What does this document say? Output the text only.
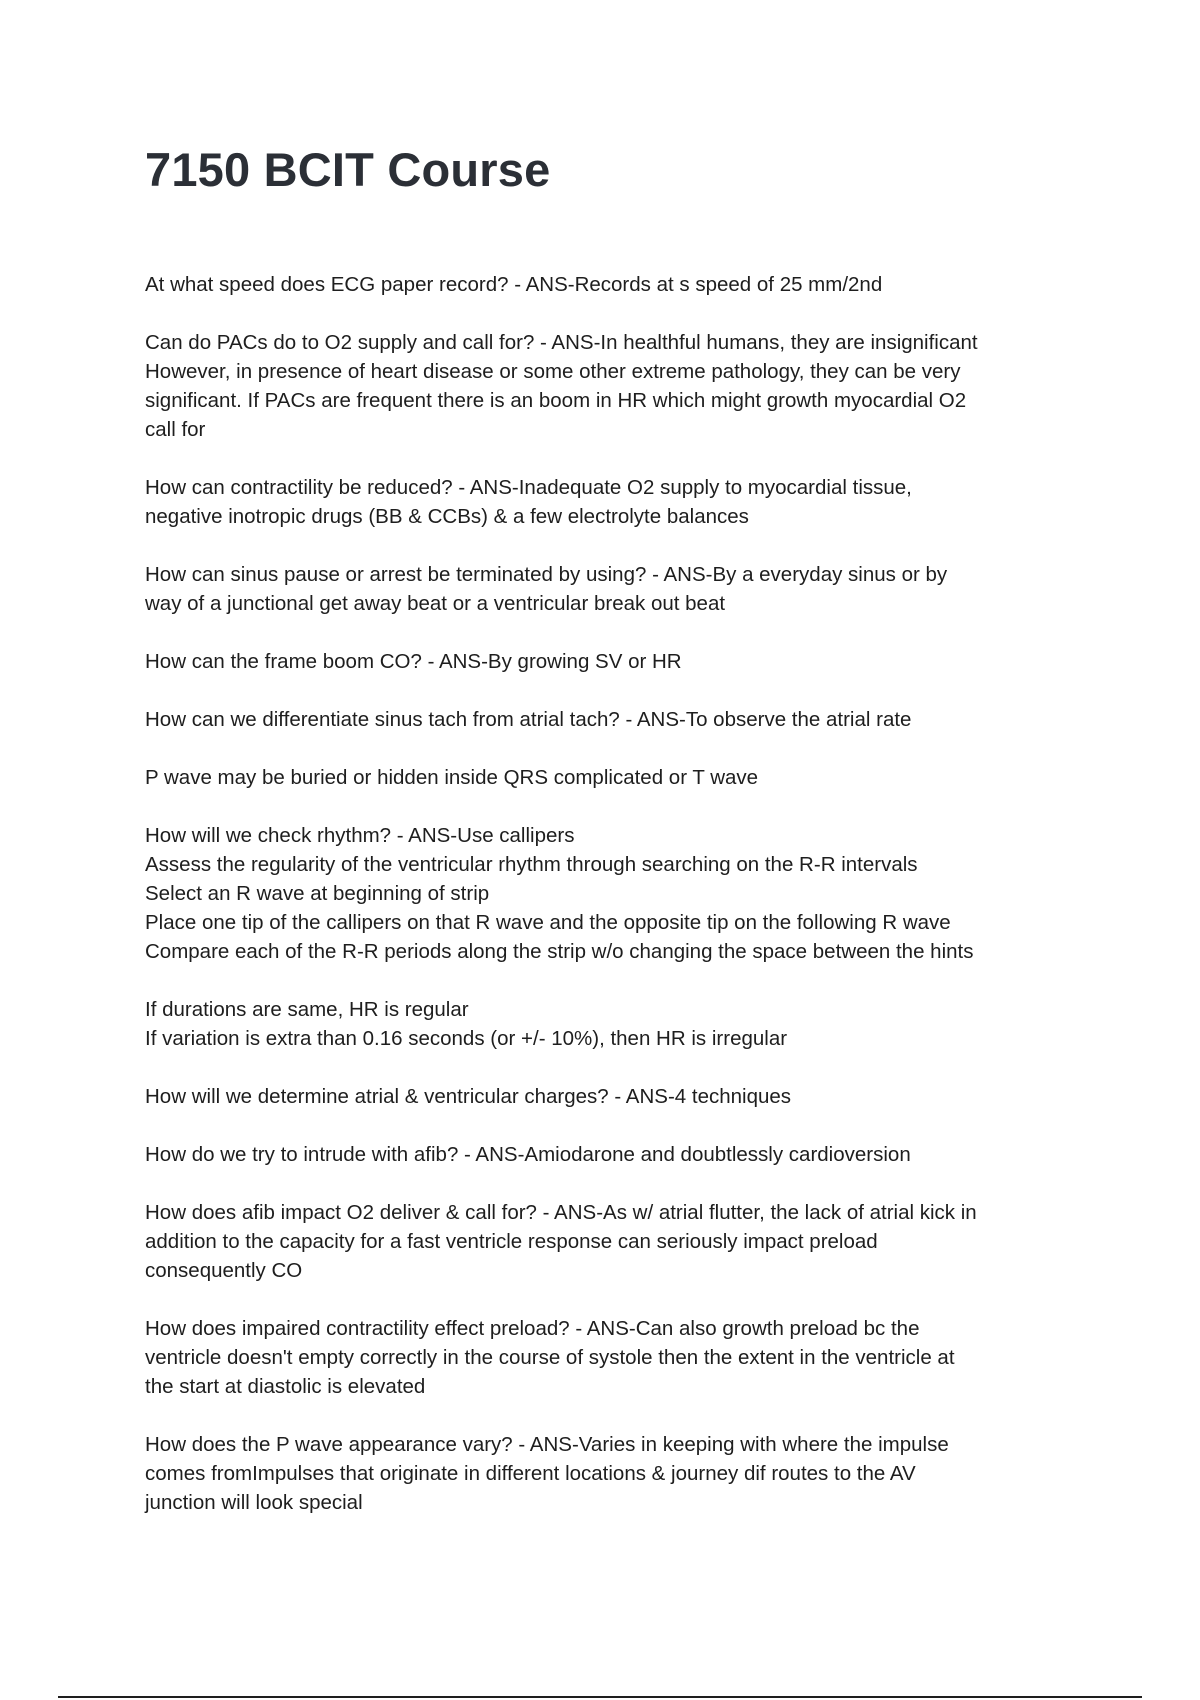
7150 BCIT Course

At what speed does ECG paper record? - ANS-Records at s speed of 25 mm/2nd

Can do PACs do to O2 supply and call for? - ANS-In healthful humans, they are insignificant
However, in presence of heart disease or some other extreme pathology, they can be very
significant. If PACs are frequent there is an boom in HR which might growth myocardial O2
call for

How can contractility be reduced? - ANS-Inadequate O2 supply to myocardial tissue,
negative inotropic drugs (BB & CCBs) & a few electrolyte balances

How can sinus pause or arrest be terminated by using? - ANS-By a everyday sinus or by
way of a junctional get away beat or a ventricular break out beat

How can the frame boom CO? - ANS-By growing SV or HR

How can we differentiate sinus tach from atrial tach? - ANS-To observe the atrial rate

P wave may be buried or hidden inside QRS complicated or T wave

How will we check rhythm? - ANS-Use callipers
Assess the regularity of the ventricular rhythm through searching on the R-R intervals
Select an R wave at beginning of strip
Place one tip of the callipers on that R wave and the opposite tip on the following R wave
Compare each of the R-R periods along the strip w/o changing the space between the hints

If durations are same, HR is regular
If variation is extra than 0.16 seconds (or +/- 10%), then HR is irregular

How will we determine atrial & ventricular charges? - ANS-4 techniques

How do we try to intrude with afib? - ANS-Amiodarone and doubtlessly cardioversion

How does afib impact O2 deliver & call for? - ANS-As w/ atrial flutter, the lack of atrial kick in
addition to the capacity for a fast ventricle response can seriously impact preload
consequently CO

How does impaired contractility effect preload? - ANS-Can also growth preload bc the
ventricle doesn't empty correctly in the course of systole then the extent in the ventricle at
the start at diastolic is elevated

How does the P wave appearance vary? - ANS-Varies in keeping with where the impulse
comes fromImpulses that originate in different locations & journey dif routes to the AV
junction will look special
